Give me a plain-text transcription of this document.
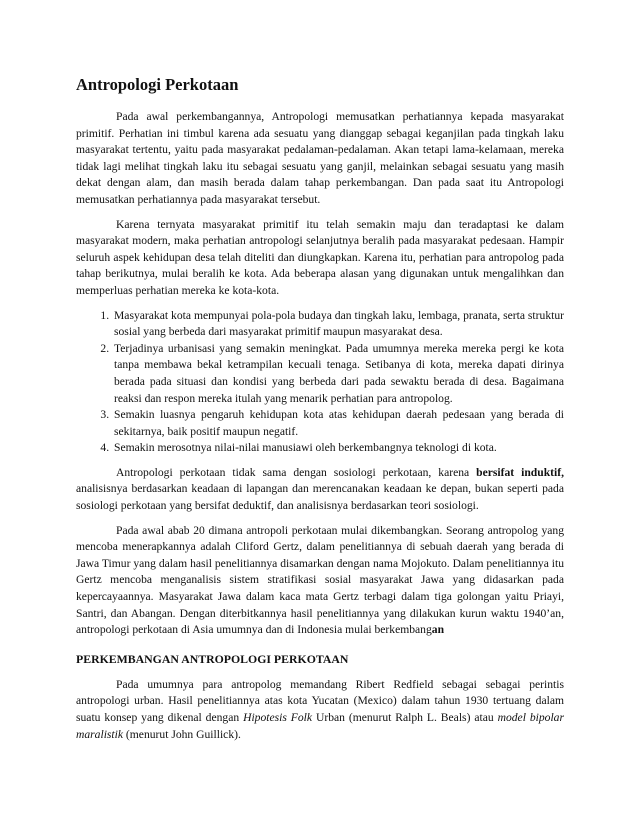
Antropologi Perkotaan

Pada awal perkembangannya, Antropologi memusatkan perhatiannya kepada masyarakat primitif. Perhatian ini timbul karena ada sesuatu yang dianggap sebagai keganjilan pada tingkah laku masyarakat tertentu, yaitu pada masyarakat pedalaman-pedalaman. Akan tetapi lama-kelamaan, mereka tidak lagi melihat tingkah laku itu sebagai sesuatu yang ganjil, melainkan sebagai sesuatu yang masih dekat dengan alam, dan masih berada dalam tahap perkembangan. Dan pada saat itu Antropologi memusatkan perhatiannya pada masyarakat tersebut.

Karena ternyata masyarakat primitif itu telah semakin maju dan teradaptasi ke dalam masyarakat modern, maka perhatian antropologi selanjutnya beralih pada masyarakat pedesaan. Hampir seluruh aspek kehidupan desa telah diteliti dan diungkapkan. Karena itu, perhatian para antropolog pada tahap berikutnya, mulai beralih ke kota. Ada beberapa alasan yang digunakan untuk mengalihkan dan memperluas perhatian mereka ke kota-kota.

1. Masyarakat kota mempunyai pola-pola budaya dan tingkah laku, lembaga, pranata, serta struktur sosial yang berbeda dari masyarakat primitif maupun masyarakat desa.
2. Terjadinya urbanisasi yang semakin meningkat. Pada umumnya mereka mereka pergi ke kota tanpa membawa bekal ketrampilan kecuali tenaga. Setibanya di kota, mereka dapati dirinya berada pada situasi dan kondisi yang berbeda dari pada sewaktu berada di desa. Bagaimana reaksi dan respon mereka itulah yang menarik perhatian para antropolog.
3. Semakin luasnya pengaruh kehidupan kota atas kehidupan daerah pedesaan yang berada di sekitarnya, baik positif maupun negatif.
4. Semakin merosotnya nilai-nilai manusiawi oleh berkembangnya teknologi di kota.

Antropologi perkotaan tidak sama dengan sosiologi perkotaan, karena bersifat induktif, analisisnya berdasarkan keadaan di lapangan dan merencanakan keadaan ke depan, bukan seperti pada sosiologi perkotaan yang bersifat deduktif, dan analisisnya berdasarkan teori sosiologi.

Pada awal abab 20 dimana antropoli perkotaan mulai dikembangkan. Seorang antropolog yang mencoba menerapkannya adalah Cliford Gertz, dalam penelitiannya di sebuah daerah yang berada di Jawa Timur yang dalam hasil penelitiannya disamarkan dengan nama Mojokuto. Dalam penelitiannya itu Gertz mencoba menganalisis sistem stratifikasi sosial masyarakat Jawa yang didasarkan pada kepercayaannya. Masyarakat Jawa dalam kaca mata Gertz terbagi dalam tiga golongan yaitu Priayi, Santri, dan Abangan. Dengan diterbitkannya hasil penelitiannya yang dilakukan kurun waktu 1940’an, antropologi perkotaan di Asia umumnya dan di Indonesia mulai berkembangan

PERKEMBANGAN ANTROPOLOGI PERKOTAAN

Pada umumnya para antropolog memandang Ribert Redfield sebagai sebagai perintis antropologi urban. Hasil penelitiannya atas kota Yucatan (Mexico) dalam tahun 1930 tertuang dalam suatu konsep yang dikenal dengan Hipotesis Folk Urban (menurut Ralph L. Beals) atau model bipolar maralistik (menurut John Guillick).
